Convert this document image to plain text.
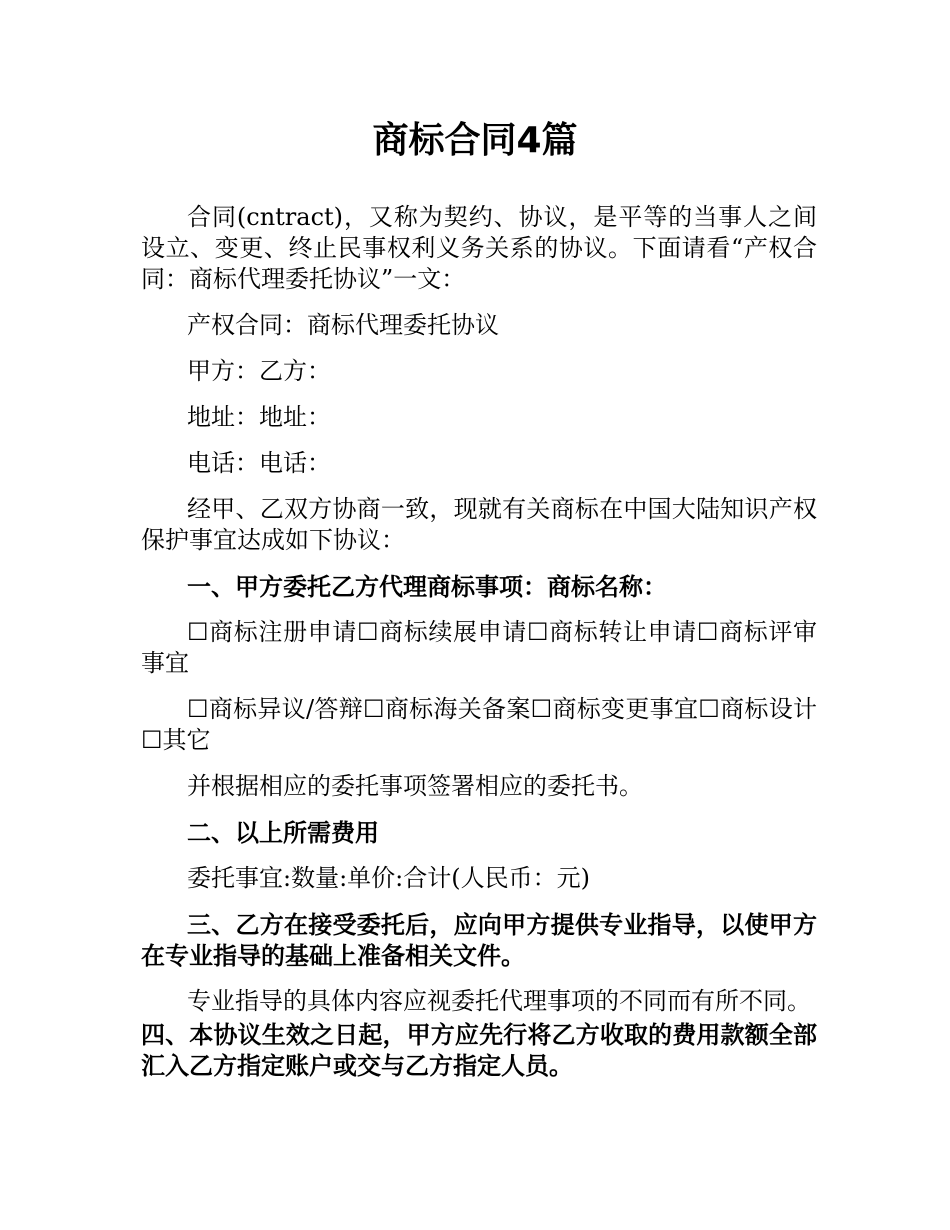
商标合同4篇

合同(cntract)，又称为契约、协议，是平等的当事人之间设立、变更、终止民事权利义务关系的协议。下面请看“产权合同：商标代理委托协议”一文：

产权合同：商标代理委托协议

甲方：乙方：

地址：地址：

电话：电话：

经甲、乙双方协商一致，现就有关商标在中国大陆知识产权保护事宜达成如下协议：

一、甲方委托乙方代理商标事项：商标名称：

☐商标注册申请☐商标续展申请☐商标转让申请☐商标评审事宜

☐商标异议/答辩☐商标海关备案☐商标变更事宜☐商标设计☐其它

并根据相应的委托事项签署相应的委托书。

二、以上所需费用

委托事宜:数量:单价:合计(人民币：元)

三、乙方在接受委托后，应向甲方提供专业指导，以使甲方在专业指导的基础上准备相关文件。

专业指导的具体内容应视委托代理事项的不同而有所不同。

四、本协议生效之日起，甲方应先行将乙方收取的费用款额全部汇入乙方指定账户或交与乙方指定人员。
